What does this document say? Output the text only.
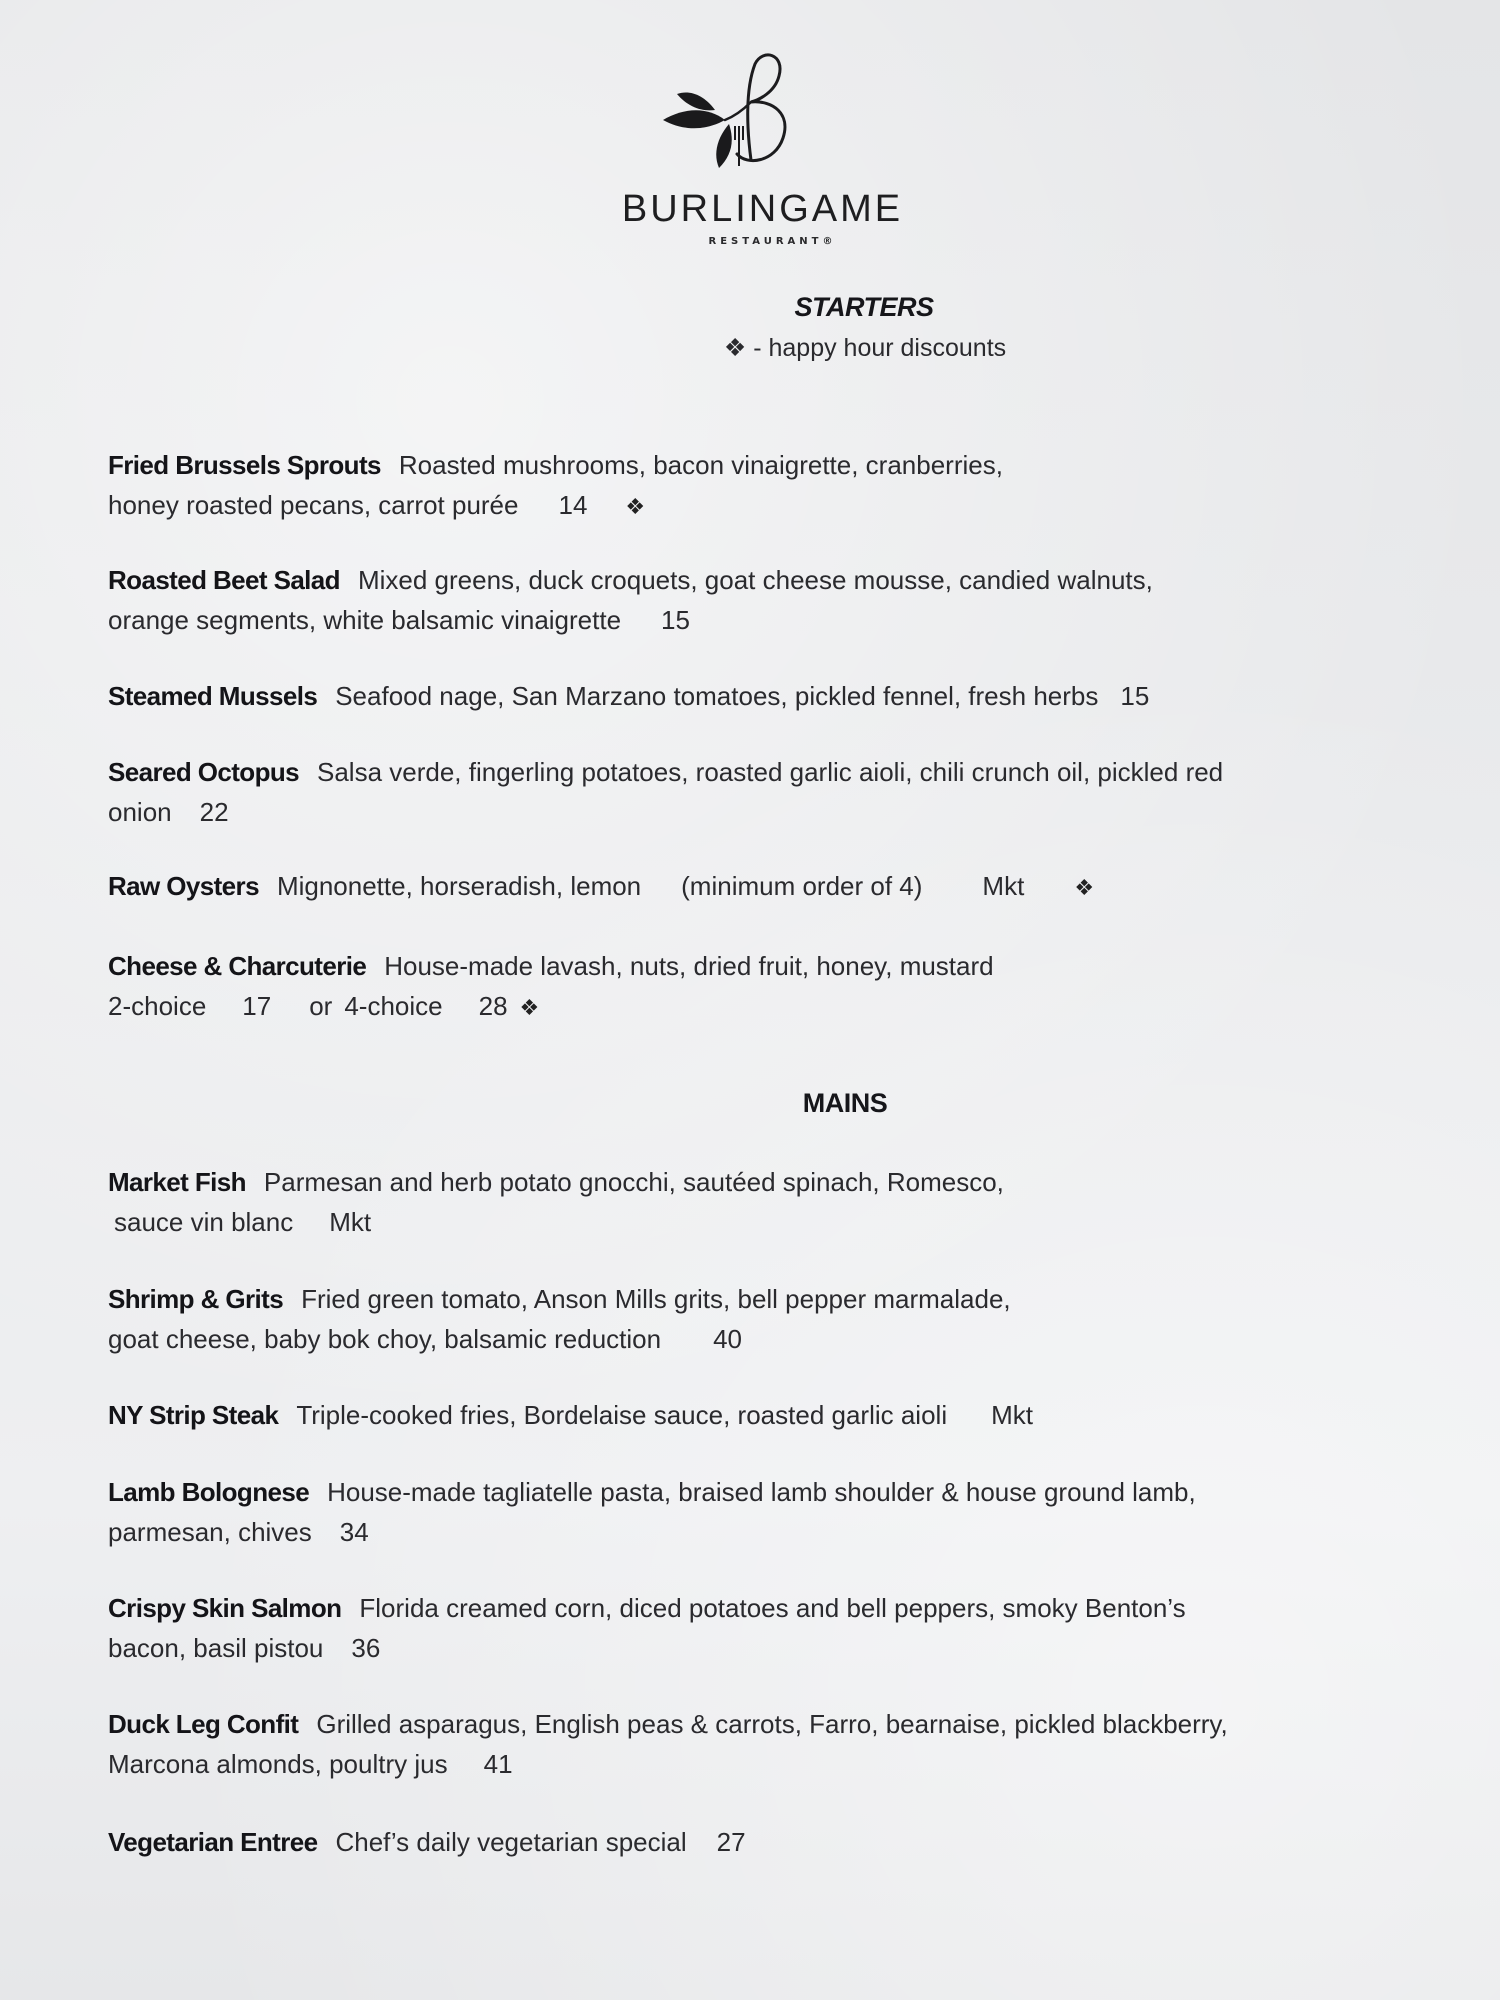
BURLINGAME
RESTAURANT®
STARTERS
❖ - happy hour discounts
Fried Brussels Sprouts Roasted mushrooms, bacon vinaigrette, cranberries,
honey roasted pecans, carrot purée 14 ❖
Roasted Beet Salad Mixed greens, duck croquets, goat cheese mousse, candied walnuts,
orange segments, white balsamic vinaigrette 15
Steamed Mussels Seafood nage, San Marzano tomatoes, pickled fennel, fresh herbs 15
Seared Octopus Salsa verde, fingerling potatoes, roasted garlic aioli, chili crunch oil, pickled red
onion 22
Raw Oysters Mignonette, horseradish, lemon (minimum order of 4) Mkt ❖
Cheese & Charcuterie House-made lavash, nuts, dried fruit, honey, mustard
2-choice 17 or 4-choice 28 ❖
MAINS
Market Fish Parmesan and herb potato gnocchi, sautéed spinach, Romesco,
sauce vin blanc Mkt
Shrimp & Grits Fried green tomato, Anson Mills grits, bell pepper marmalade,
goat cheese, baby bok choy, balsamic reduction 40
NY Strip Steak Triple-cooked fries, Bordelaise sauce, roasted garlic aioli Mkt
Lamb Bolognese House-made tagliatelle pasta, braised lamb shoulder & house ground lamb,
parmesan, chives 34
Crispy Skin Salmon Florida creamed corn, diced potatoes and bell peppers, smoky Benton’s
bacon, basil pistou 36
Duck Leg Confit Grilled asparagus, English peas & carrots, Farro, bearnaise, pickled blackberry,
Marcona almonds, poultry jus 41
Vegetarian Entree Chef’s daily vegetarian special 27
